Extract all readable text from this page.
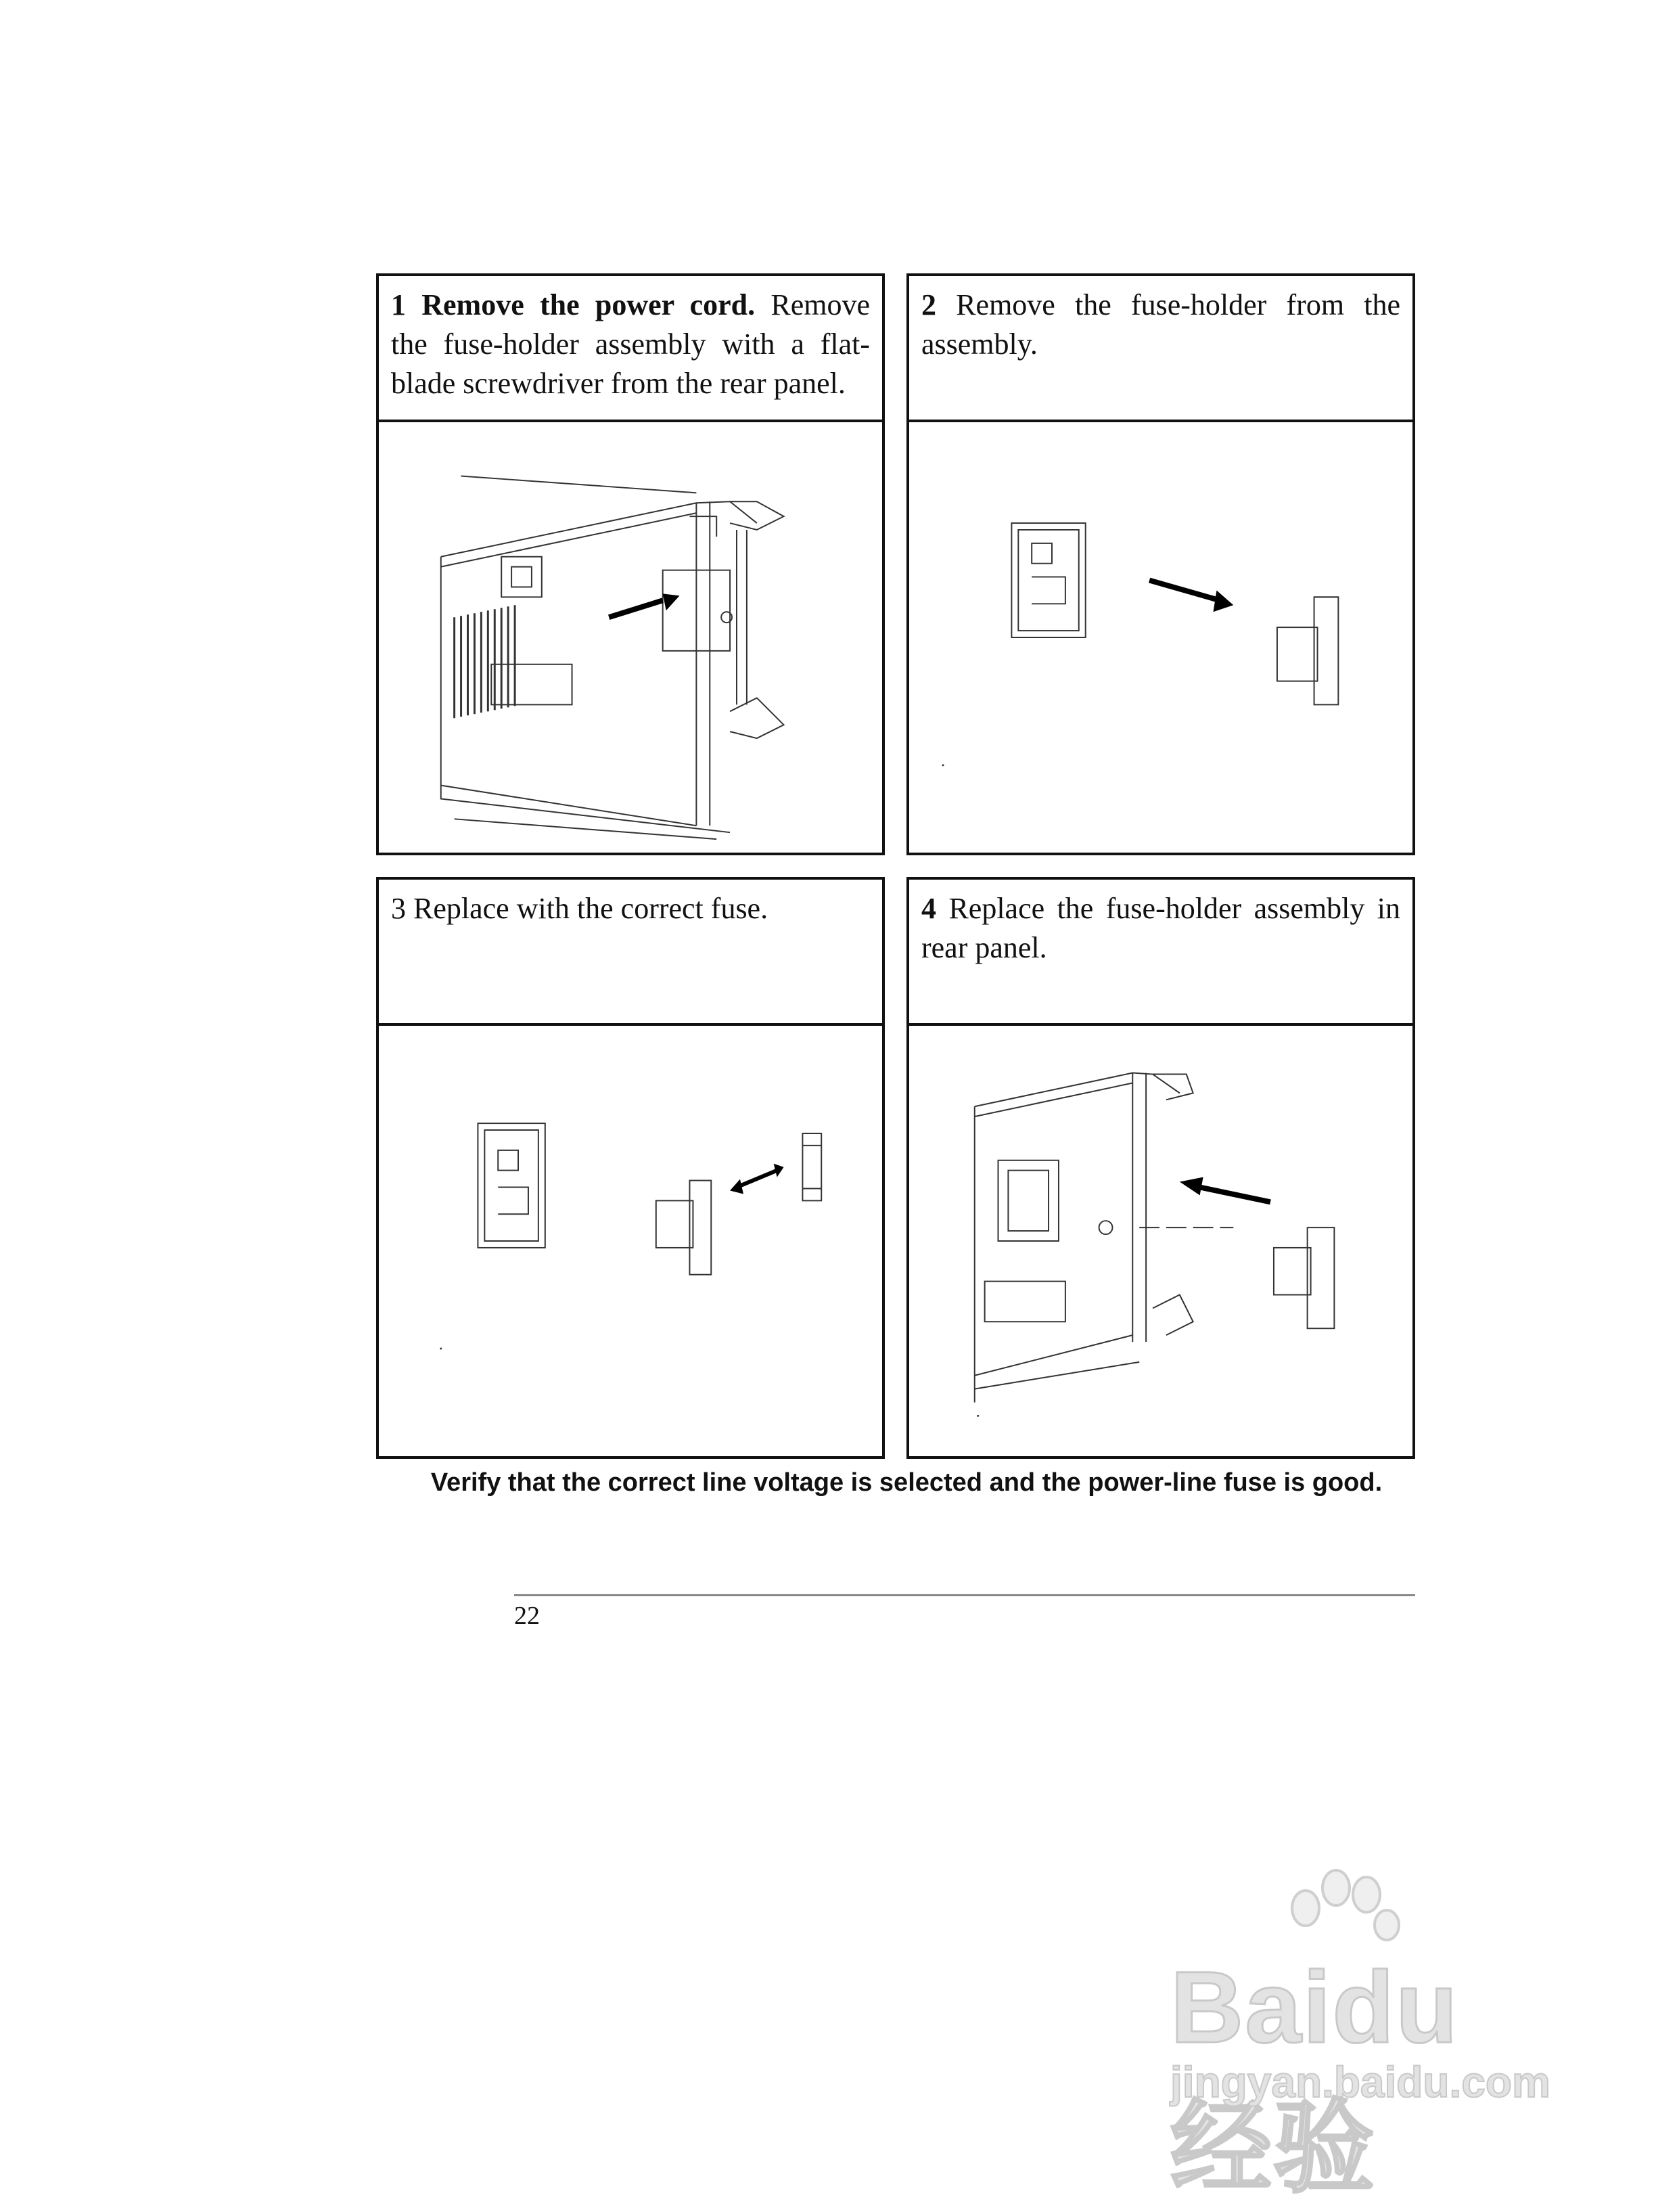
1 Remove the power cord. Remove the fuse-holder assembly with a flat-blade screwdriver from the rear panel.
2 Remove the fuse-holder from the assembly.
3 Replace with the correct fuse.	4 Replace the fuse-holder assembly in rear panel.
Verify that the correct line voltage is selected and the power-line fuse is good.
22
Baidu经验
jingyan.baidu.com
